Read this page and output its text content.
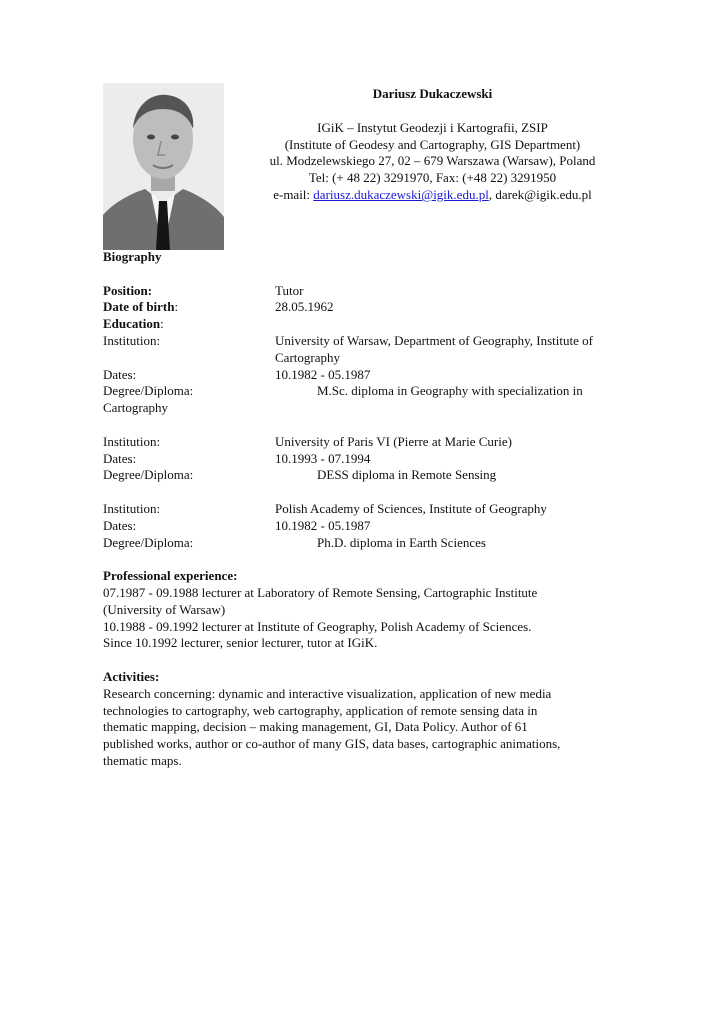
Dariusz Dukaczewski
IGiK – Instytut Geodezji i Kartografii, ZSIP
(Institute of Geodesy and Cartography, GIS Department)
ul. Modzelewskiego 27, 02 – 679 Warszawa (Warsaw), Poland
Tel: (+ 48 22) 3291970, Fax: (+48 22) 3291950
e-mail: dariusz.dukaczewski@igik.edu.pl, darek@igik.edu.pl
Biography
Position:	Tutor
Date of birth:	28.05.1962
Education:
Institution:	University of Warsaw, Department of Geography, Institute of Cartography
Dates:	10.1982 - 05.1987
Degree/Diploma:	M.Sc. diploma in Geography with specialization in
Cartography
Institution:	University of Paris VI (Pierre at Marie Curie)
Dates:	10.1993 - 07.1994
Degree/Diploma:	DESS diploma in Remote Sensing
Institution:	Polish Academy of Sciences, Institute of Geography
Dates:	10.1982 - 05.1987
Degree/Diploma:	Ph.D. diploma in Earth Sciences
Professional experience:
07.1987 - 09.1988 lecturer at Laboratory of Remote Sensing, Cartographic Institute
(University of Warsaw)
10.1988 - 09.1992 lecturer at Institute of Geography, Polish Academy of Sciences.
Since 10.1992 lecturer, senior lecturer, tutor at IGiK.
Activities:
Research concerning: dynamic and interactive visualization, application of new media
technologies to cartography, web cartography, application of remote sensing data in
thematic mapping, decision – making management, GI, Data Policy. Author of 61
published works, author or co-author of many GIS, data bases, cartographic animations,
thematic maps.
